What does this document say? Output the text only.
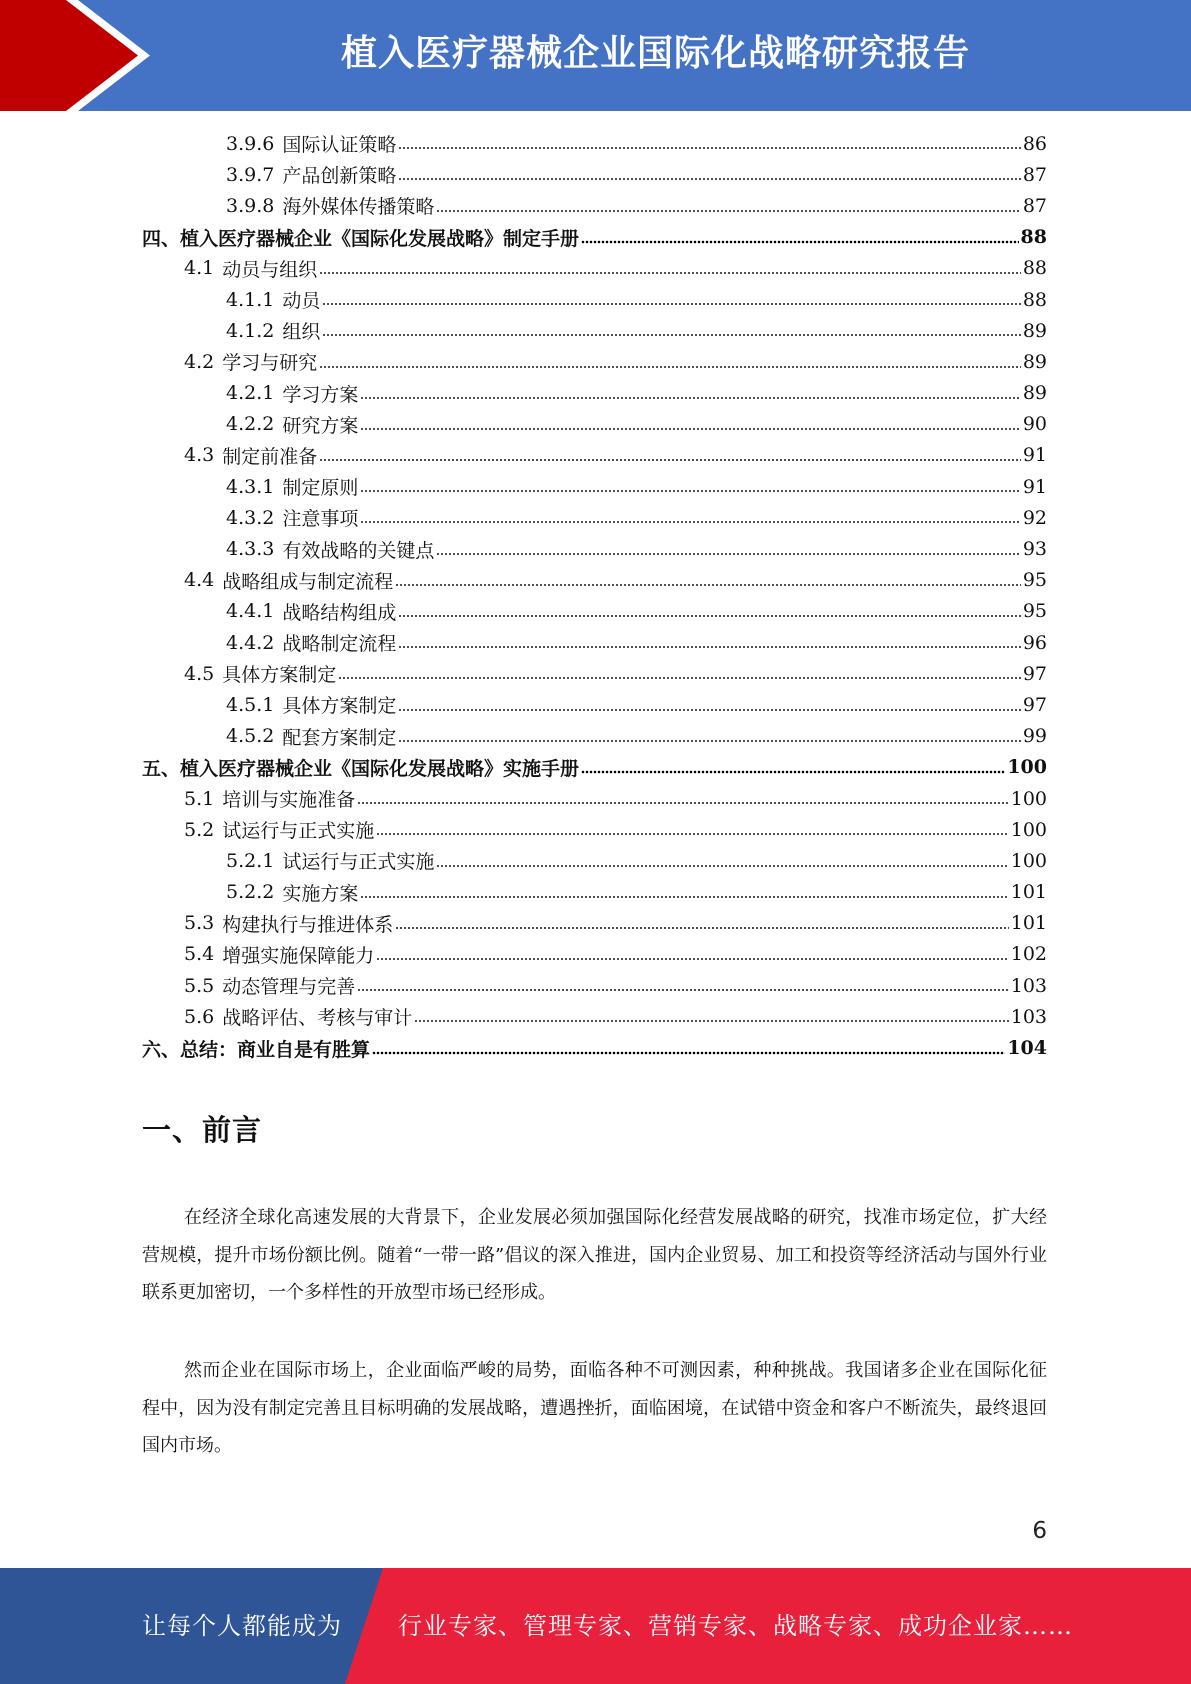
植入医疗器械企业国际化战略研究报告
3.9.6 国际认证策略	86
3.9.7 产品创新策略	87
3.9.8 海外媒体传播策略	87
四、 植入医疗器械企业《国际化发展战略》制定手册	88
4.1 动员与组织	88
4.1.1 动员	88
4.1.2 组织	89
4.2 学习与研究	89
4.2.1 学习方案	89
4.2.2 研究方案	90
4.3 制定前准备	91
4.3.1 制定原则	91
4.3.2 注意事项	92
4.3.3 有效战略的关键点	93
4.4 战略组成与制定流程	95
4.4.1 战略结构组成	95
4.4.2 战略制定流程	96
4.5 具体方案制定	97
4.5.1 具体方案制定	97
4.5.2 配套方案制定	99
五、 植入医疗器械企业《国际化发展战略》实施手册	100
5.1 培训与实施准备	100
5.2 试运行与正式实施	100
5.2.1 试运行与正式实施	100
5.2.2 实施方案	101
5.3 构建执行与推进体系	101
5.4 增强实施保障能力	102
5.5 动态管理与完善	103
5.6 战略评估、考核与审计	103
六、 总结：商业自是有胜算	104
一、前言

在经济全球化高速发展的大背景下，企业发展必须加强国际化经营发展战略的研究，找准市场定位，扩大经营规模，提升市场份额比例。随着“一带一路”倡议的深入推进，国内企业贸易、加工和投资等经济活动与国外行业联系更加密切，一个多样性的开放型市场已经形成。

然而企业在国际市场上，企业面临严峻的局势，面临各种不可测因素，种种挑战。我国诸多企业在国际化征程中，因为没有制定完善且目标明确的发展战略，遭遇挫折，面临困境，在试错中资金和客户不断流失，最终退回国内市场。

6
让每个人都能成为 行业专家、管理专家、营销专家、战略专家、成功企业家……
